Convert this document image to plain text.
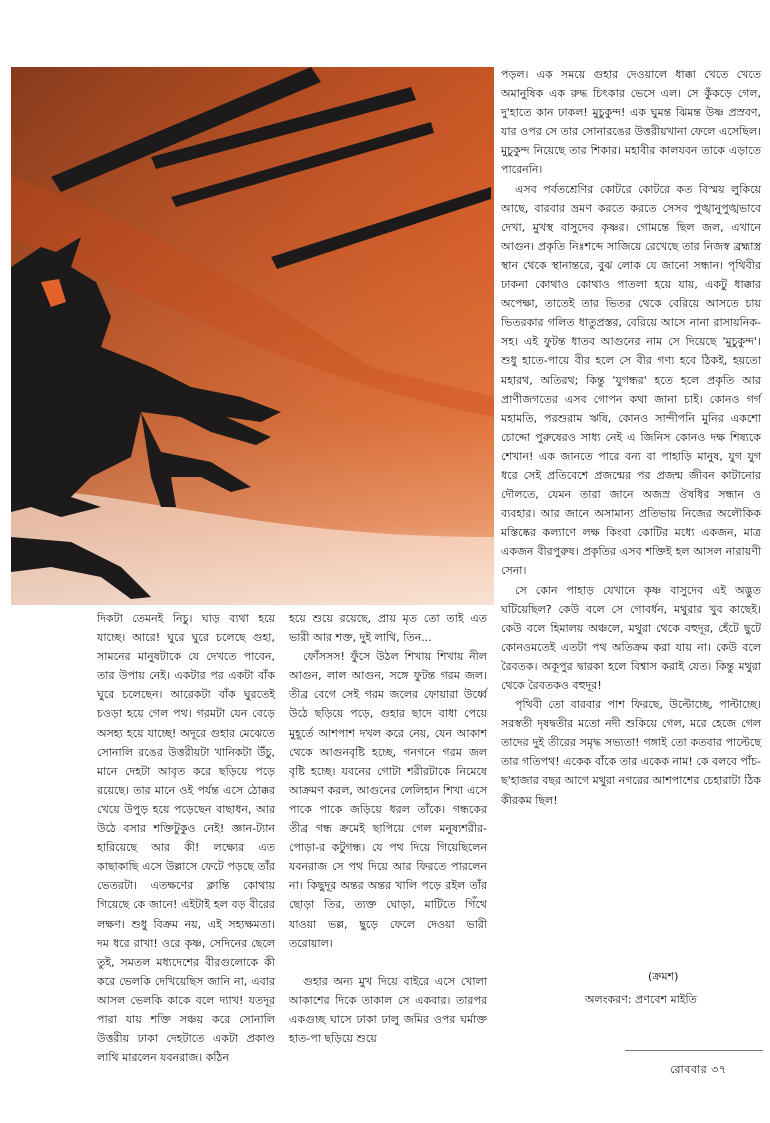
দিকটা তেমনই নিচু। ঘাড় ব্যথা হয়ে যাচ্ছে। আরে! ঘুরে ঘুরে চলেছে গুহা, সামনের মানুষটাকে যে দেখতে পাবেন, তার উপায় নেই। একটার পর একটা বাঁক ঘুরে চলেছেন। আরেকটা বাঁক ঘুরতেই চওড়া হয়ে গেল পথ। গরমটা যেন বেড়ে অসহ্য হয়ে যাচ্ছে! অদূরে গুহার মেঝেতে সোনালি রঙের উত্তরীয়টা খানিকটা উঁচু, মানে দেহটা আবৃত করে ছড়িয়ে পড়ে রয়েছে। তার মানে ওই পর্যন্ত এসে ঠোক্কর খেয়ে উপুড় হয়ে পড়েছেন বাছাধন, আর উঠে বসার শক্তিটুকুও নেই! জ্ঞান-ট্যান হারিয়েছে আর কী! লক্ষ্যের এত কাছাকাছি এসে উল্লাসে ফেটে পড়ছে তাঁর ভেতরটা। এতক্ষণের ক্লান্তি কোথায় গিয়েছে কে জানে! এইটাই হল বড় বীরের লক্ষণ। শুধু বিক্রম নয়, এই সহ্যক্ষমতা। দম ধরে রাখা! ওরে কৃষ্ণ, সেদিনের ছেলে তুই, সমতল মধ্যদেশের বীরগুলোকে কী করে ভেলকি দেখিয়েছিস জানি না, এবার আসল ভেলকি কাকে বলে দ্যাখ! যতদূর পারা যায় শক্তি সঞ্চয় করে সোনালি উত্তরীয় ঢাকা দেহটাতে একটা প্রকাণ্ড লাথি মারলেন যবনরাজ। কঠিন

হয়ে শুয়ে রয়েছে, প্রায় মৃত তো তাই এত ভারী আর শক্ত, দুই লাথি, তিন...

ফোঁসসস! ফুঁসে উঠল শিখায় শিখায় নীল আগুন, লাল আগুন, সঙ্গে ফুটন্ত গরম জল। তীব্র বেগে সেই গরম জলের ফোয়ারা উর্ধ্বে উঠে ছড়িয়ে পড়ে, গুহার ছাদে বাধা পেয়ে মুহূর্তে আশপাশ দখল করে নেয়, যেন আকাশ থেকে আগুনবৃষ্টি হচ্ছে, গনগনে গরম জল বৃষ্টি হচ্ছে। যবনের গোটা শরীরটাকে নিমেষে আক্রমণ করল, আগুনের লেলিহান শিখা এসে পাকে পাকে জড়িয়ে ধরল তাঁকে। গন্ধকের তীব্র গন্ধ ক্রমেই ছাপিয়ে গেল মনুষ্যশরীর-পোড়া-র কটুগন্ধ। যে পথ দিয়ে গিয়েছিলেন যবনরাজ সে পথ দিয়ে আর ফিরতে পারলেন না। কিছুদূর অন্তর অন্তর খালি পড়ে রইল তাঁর ছোড়া তির, ত্যক্ত ঘোড়া, মাটিতে গিঁথে যাওয়া ভল্ল, ছুড়ে ফেলে দেওয়া ভারী তরোয়াল।

গুহার অন্য মুখ দিয়ে বাইরে এসে খোলা আকাশের দিকে তাকাল সে একবার। তারপর একগুচ্ছ ঘাসে ঢাকা ঢালু জমির ওপর ঘর্মাক্ত হাত-পা ছড়িয়ে শুয়ে

পড়ল। এক সময়ে গুহার দেওয়ালে ধাক্কা খেতে খেতে অমানুষিক এক রুদ্ধ চিৎকার ভেসে এল। সে কুঁকড়ে গেল, দু'হাতে কান ঢাকল! মুচুকুন্দ! এক ঘুমন্ত ঝিমন্ত উষ্ণ প্রস্রবণ, যার ওপর সে তার সোনারঙের উত্তরীয়খানা ফেলে এসেছিল। মুচুকুন্দ নিয়েছে তার শিকার। মহাবীর কালযবন তাকে এড়াতে পারেননি।

এসব পর্বতশ্রেণির কোটরে কোটরে কত বিস্ময় লুকিয়ে আছে, বারবার ভ্রমণ করতে করতে সেসব পুঙ্খানুপুঙ্খভাবে দেখা, মুখস্থ বাসুদেব কৃষ্ণর। গোমন্তে ছিল জল, এখানে আগুন। প্রকৃতি নিঃশব্দে সাজিয়ে রেখেছে তার নিজস্ব ব্রহ্মাস্ত্র স্থান থেকে স্থানান্তরে, বুঝ লোক যে জানো সন্ধান। পৃথিবীর ঢাকনা কোথাও কোথাও পাতলা হয়ে যায়, একটু ধাক্কার অপেক্ষা, তাতেই তার ভিতর থেকে বেরিয়ে আসতে চায় ভিতরকার গলিত ধাতুপ্রস্তর, বেরিয়ে আসে নানা রাসায়নিক-সহ। এই ফুটন্ত ধাতব আগুনের নাম সে দিয়েছে 'মুচুকুন্দ'। শুধু হাতে-পায়ে বীর হলে সে বীর গণ্য হবে ঠিকই, হয়তো মহারথ, অতিরথ; কিন্তু 'যুগন্ধর' হতে হলে প্রকৃতি আর প্রাণীজগতের এসব গোপন কথা জানা চাই। কোনও গর্গ মহামতি, পরশুরাম ঋষি, কোনও সান্দীপনি মুনির একশো চোদ্দো পুরুষেরও সাধ্য নেই এ জিনিস কোনও দক্ষ শিষ্যকে শেখান! এক জানতে পারে বন্য বা পাহাড়ি মানুষ, যুগ যুগ ধরে সেই প্রতিবেশে প্রজন্মের পর প্রজন্ম জীবন কাটানোর দৌলতে, যেমন তারা জানে অজস্র ঔষধির সন্ধান ও ব্যবহার। আর জানে অসামান্য প্রতিভায় নিজের অলৌকিক মস্তিষ্কের কল্যাণে লক্ষ কিংবা কোটির মধ্যে একজন, মাত্র একজন বীরপুরুষ। প্রকৃতির এসব শক্তিই হল আসল নারায়ণী সেনা।

সে কোন পাহাড় যেখানে কৃষ্ণ বাসুদেব এই অদ্ভুত ঘটিয়েছিল? কেউ বলে সে গোবর্ধন, মথুরার খুব কাছেই। কেউ বলে হিমালয় অঞ্চলে, মথুরা থেকে বহুদূর, হেঁটে ছুটে কোনওমতেই এতটা পথ অতিক্রম করা যায় না। কেউ বলে রৈবতক। অকূপুর দ্বারকা হলে বিশ্বাস করাই যেত। কিন্তু মথুরা থেকে রৈবতকও বহুদূর!

পৃথিবী তো বারবার পাশ ফিরছে, উল্টোচ্ছে, পাল্টাচ্ছে। সরস্বতী দৃষদ্বতীর মতো নদী শুকিয়ে গেল, মরে হেজে গেল তাদের দুই তীরের সমৃদ্ধ সভ্যতা! গঙ্গাই তো কতবার পাল্টেছে তার গতিপথ! একেক বাঁকে তার একেক নাম! কে বলবে পাঁচ-ছ'হাজার বছর আগে মথুরা নগরের আশপাশের চেহারাটা ঠিক কীরকম ছিল!

(ক্রমশ)
অলংকরণ: প্রণবেশ মাইতি
রোববার ৩৭
